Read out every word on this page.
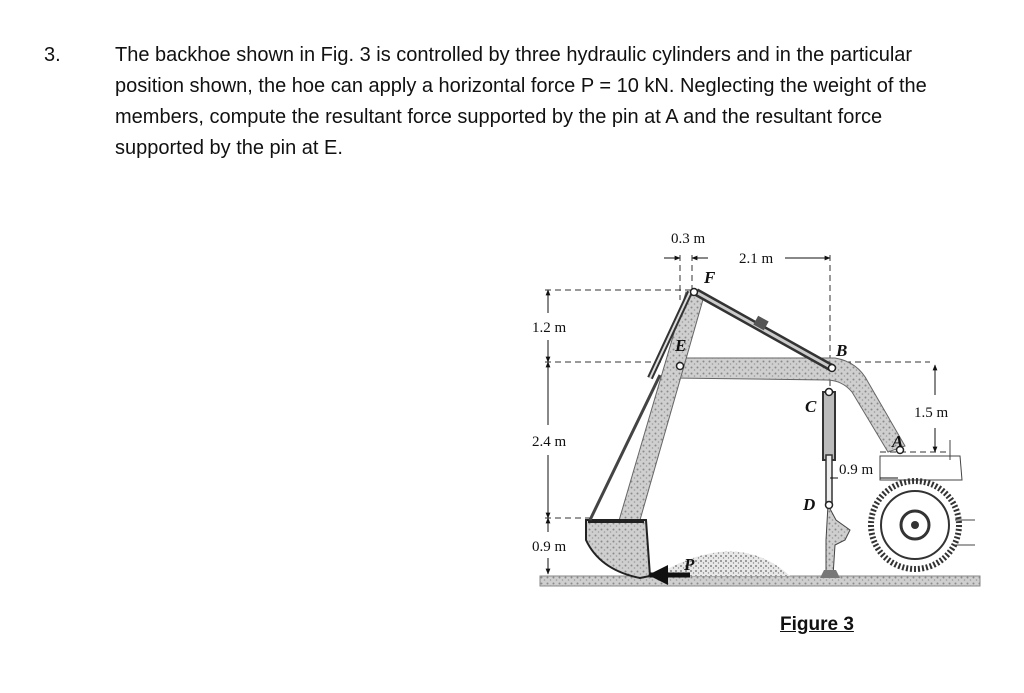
3.	The backhoe shown in Fig. 3 is controlled by three hydraulic cylinders and in the particular
position shown, the hoe can apply a horizontal force P = 10 kN. Neglecting the weight of the
members, compute the resultant force supported by the pin at A and the resultant force
supported by the pin at E.
0.3 m
2.1 m
1.2 m
2.4 m
0.9 m
1.5 m
0.9 m
F
E	B
C
D
A
P
Figure 3
